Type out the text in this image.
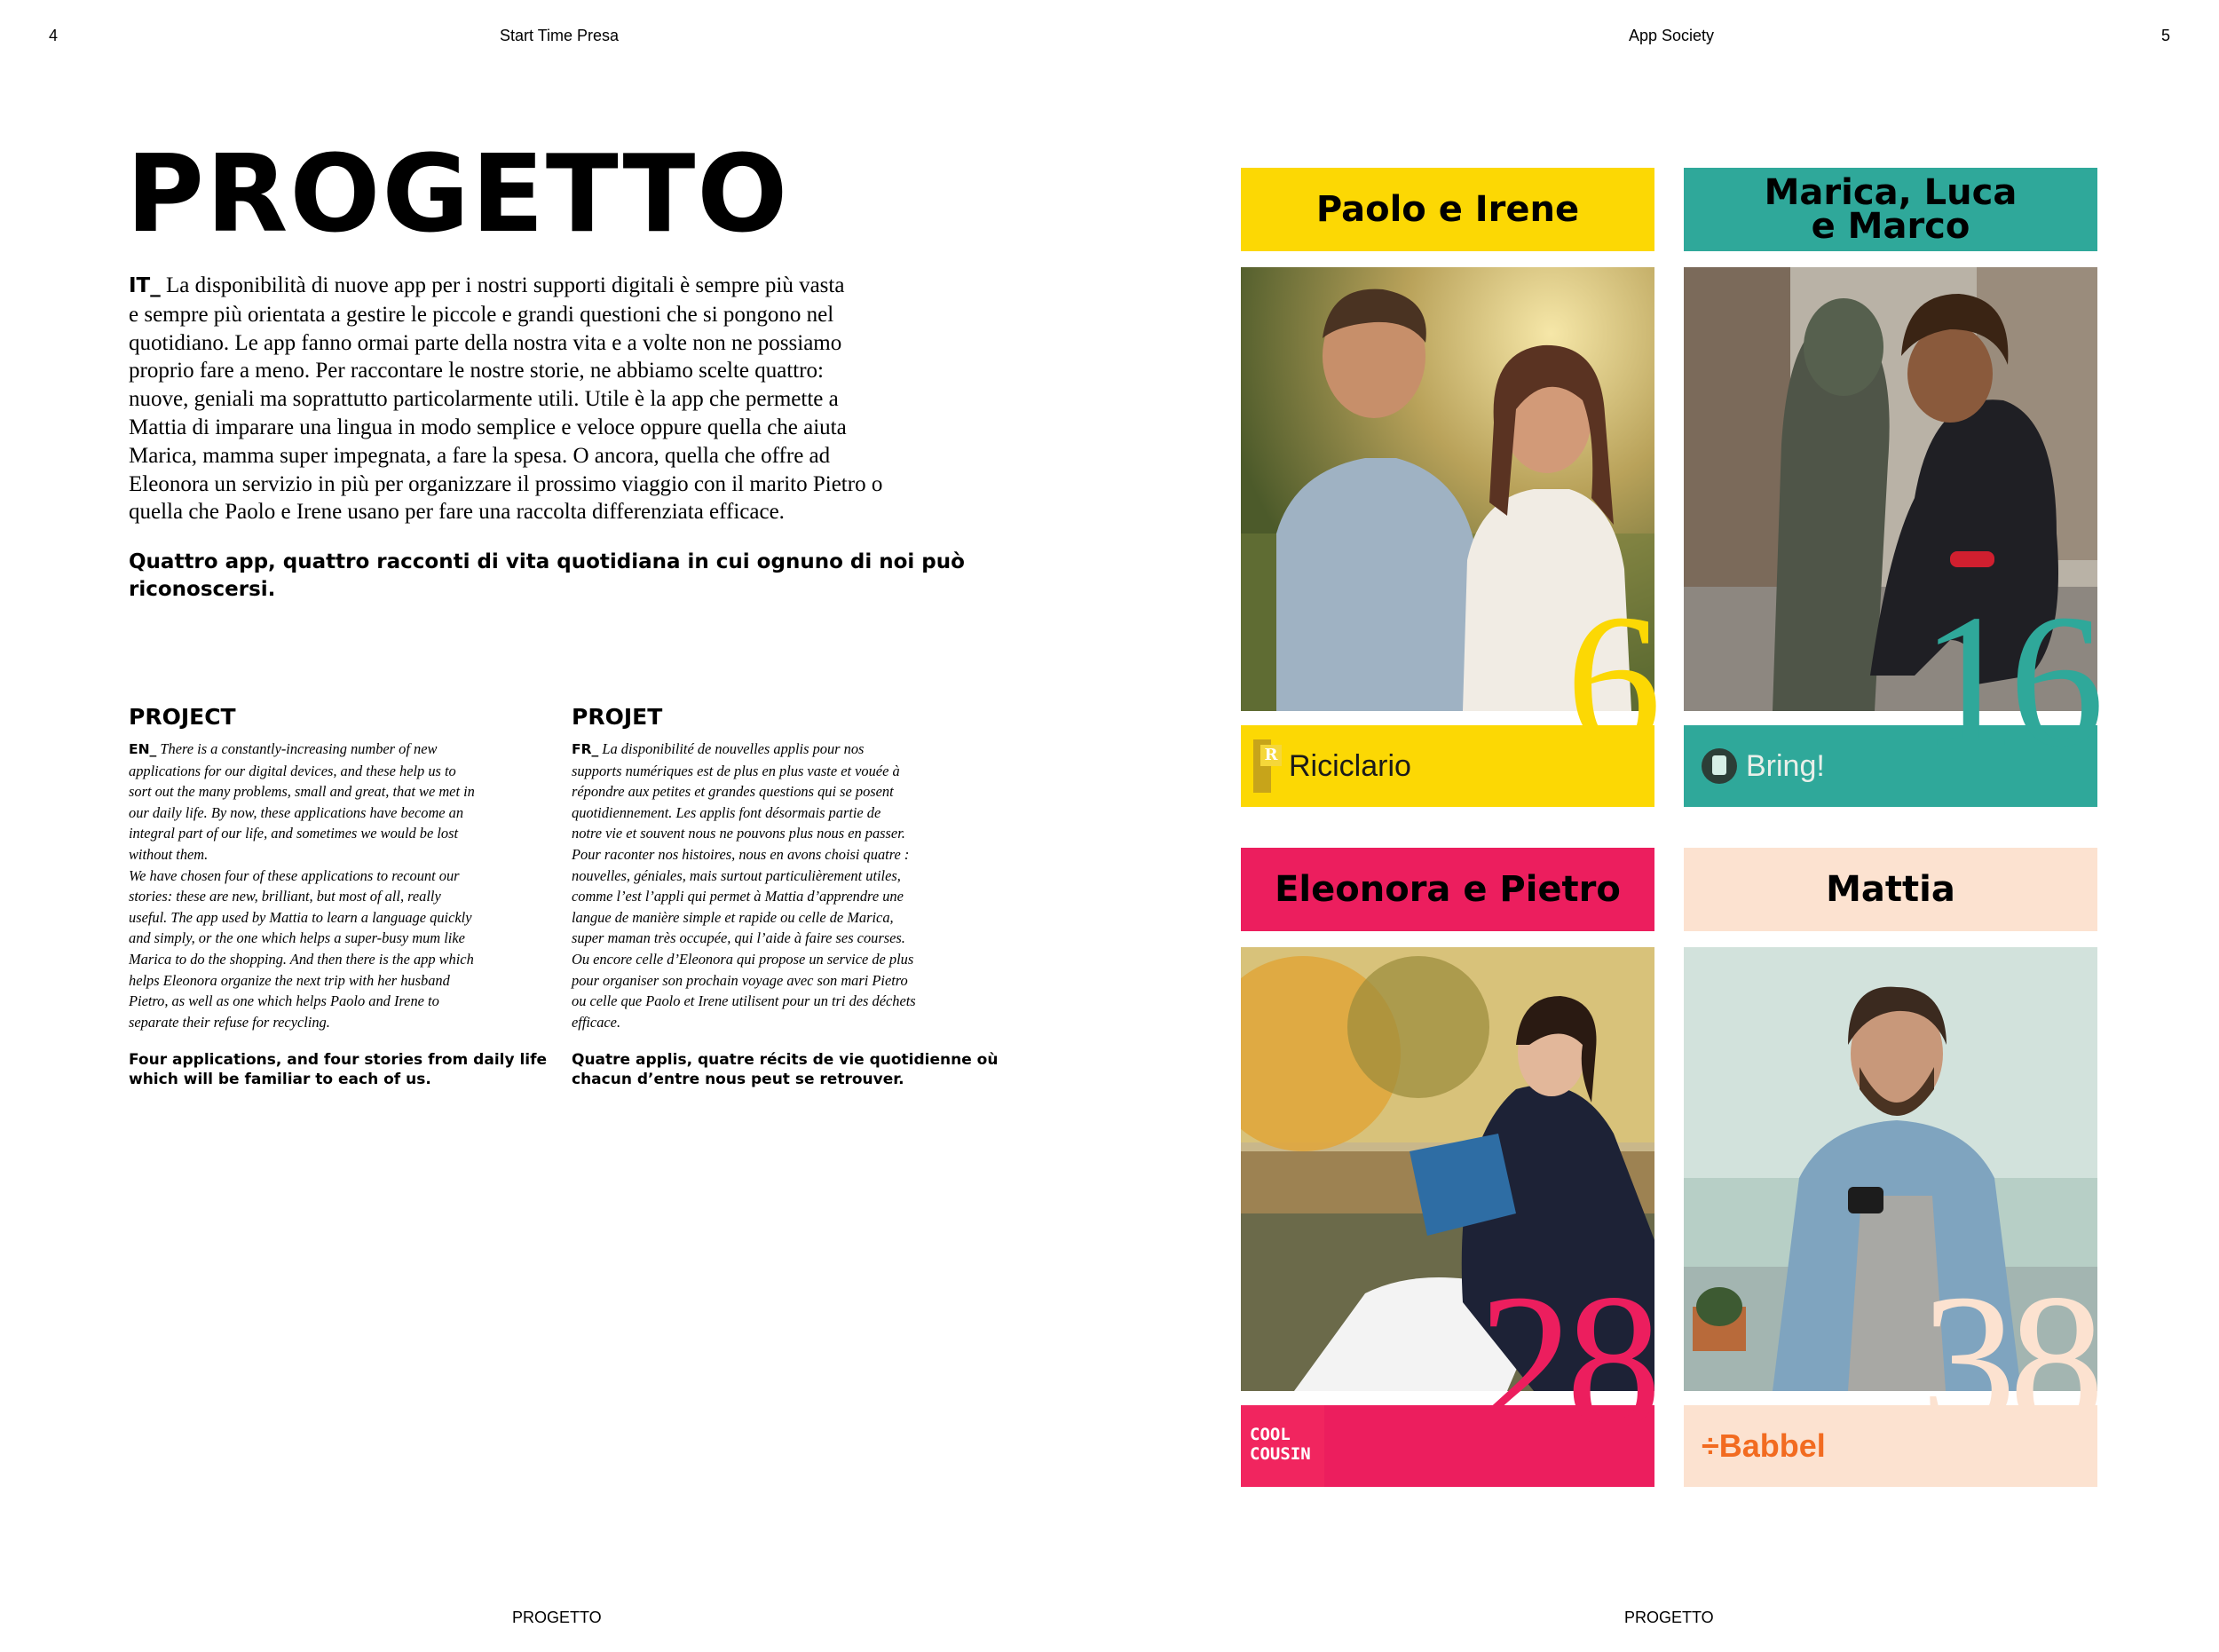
4	Start Time Presa	App Society	5
PROGETTO

IT_ La disponibilità di nuove app per i nostri supporti digitali è sempre più vasta
e sempre più orientata a gestire le piccole e grandi questioni che si pongono nel
quotidiano. Le app fanno ormai parte della nostra vita e a volte non ne possiamo
proprio fare a meno. Per raccontare le nostre storie, ne abbiamo scelte quattro:
nuove, geniali ma soprattutto particolarmente utili. Utile è la app che permette a
Mattia di imparare una lingua in modo semplice e veloce oppure quella che aiuta
Marica, mamma super impegnata, a fare la spesa. O ancora, quella che offre ad
Eleonora un servizio in più per organizzare il prossimo viaggio con il marito Pietro o
quella che Paolo e Irene usano per fare una raccolta differenziata efficace.

Quattro app, quattro racconti di vita quotidiana in cui ognuno di noi può
riconoscersi.

PROJECT

EN_ There is a constantly-increasing number of new
applications for our digital devices, and these help us to
sort out the many problems, small and great, that we met in
our daily life. By now, these applications have become an
integral part of our life, and sometimes we would be lost
without them.
We have chosen four of these applications to recount our
stories: these are new, brilliant, but most of all, really
useful. The app used by Mattia to learn a language quickly
and simply, or the one which helps a super-busy mum like
Marica to do the shopping. And then there is the app which
helps Eleonora organize the next trip with her husband
Pietro, as well as one which helps Paolo and Irene to
separate their refuse for recycling.

Four applications, and four stories from daily life
which will be familiar to each of us.

PROJET

FR_ La disponibilité de nouvelles applis pour nos
supports numériques est de plus en plus vaste et vouée à
répondre aux petites et grandes questions qui se posent
quotidiennement. Les applis font désormais partie de
notre vie et souvent nous ne pouvons plus nous en passer.
Pour raconter nos histoires, nous en avons choisi quatre :
nouvelles, géniales, mais surtout particulièrement utiles,
comme l’est l’appli qui permet à Mattia d’apprendre une
langue de manière simple et rapide ou celle de Marica,
super maman très occupée, qui l’aide à faire ses courses.
Ou encore celle d’Eleonora qui propose un service de plus
pour organiser son prochain voyage avec son mari Pietro
ou celle que Paolo et Irene utilisent pour un tri des déchets
efficace.

Quatre applis, quatre récits de vie quotidienne où
chacun d’entre nous peut se retrouver.

Paolo e Irene
R Riciclario 6
Marica, Luca
e Marco
Bring! 16
Eleonora e Pietro
COOL
COUSIN 28
Mattia
÷Babbel 38
PROGETTO	PROGETTO
